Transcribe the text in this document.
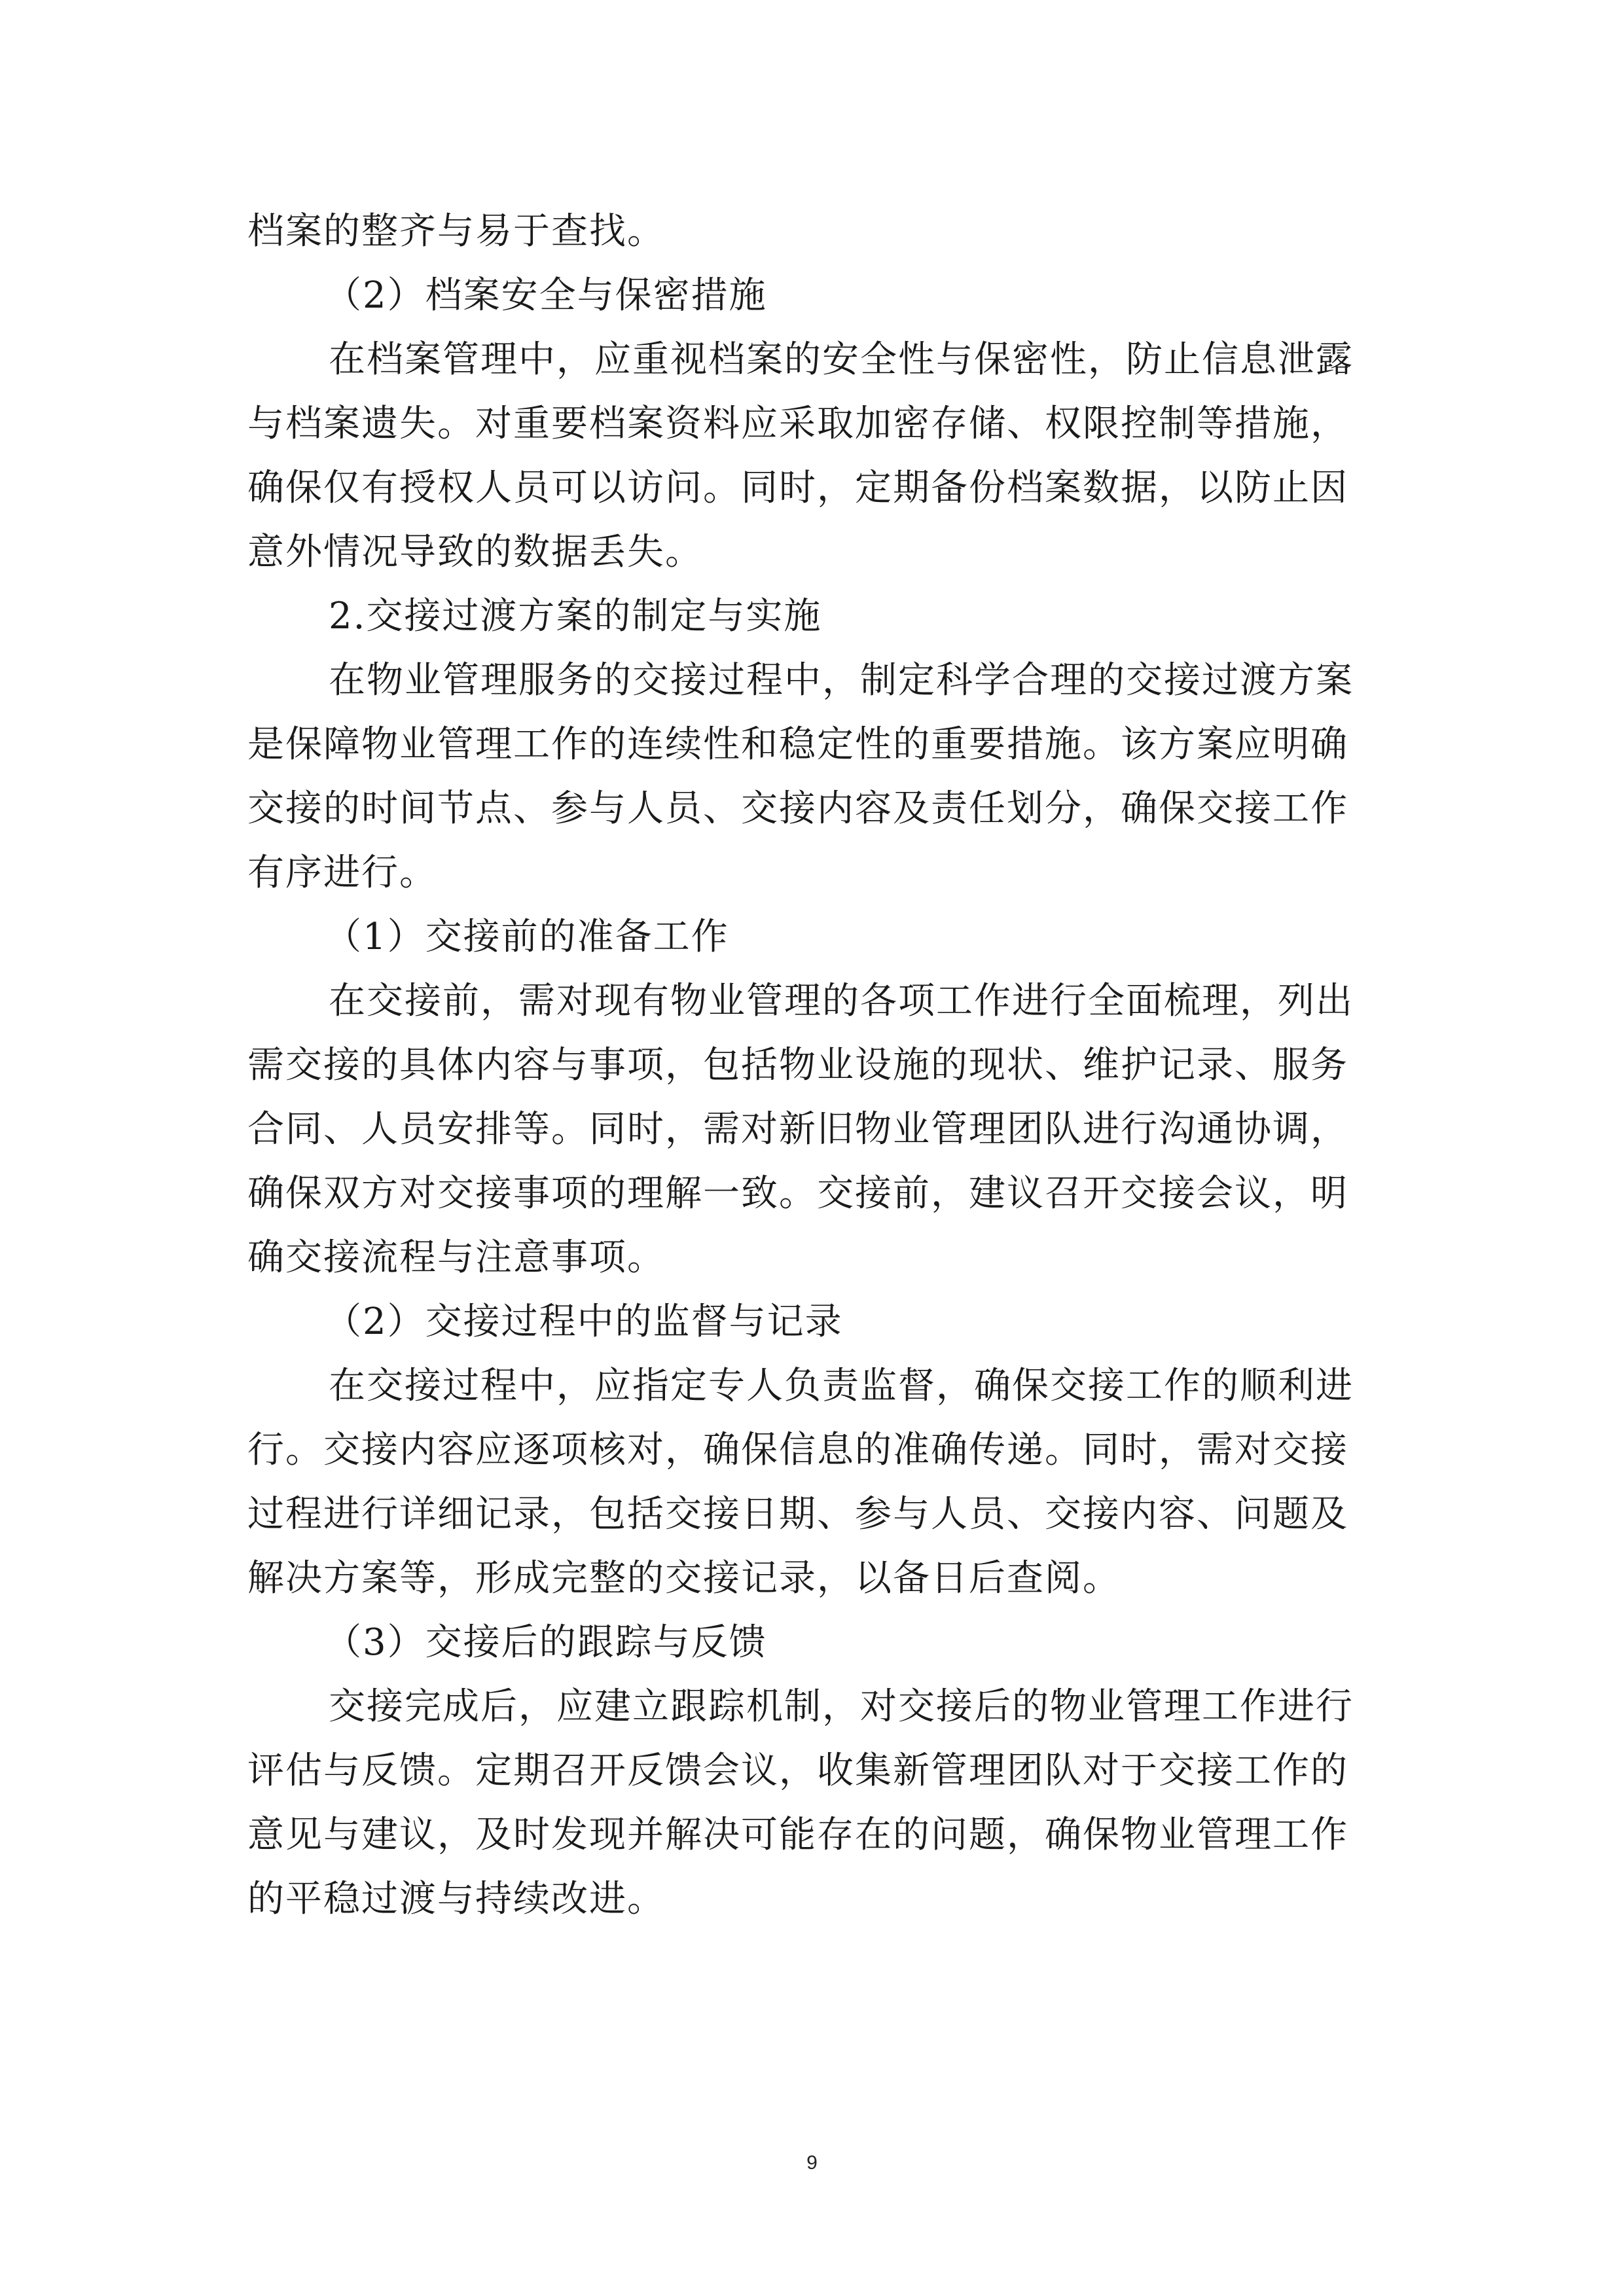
档案的整齐与易于查找。
（2）档案安全与保密措施
在档案管理中，应重视档案的安全性与保密性，防止信息泄露
与档案遗失。对重要档案资料应采取加密存储、权限控制等措施，
确保仅有授权人员可以访问。同时，定期备份档案数据，以防止因
意外情况导致的数据丢失。
2.交接过渡方案的制定与实施
在物业管理服务的交接过程中，制定科学合理的交接过渡方案
是保障物业管理工作的连续性和稳定性的重要措施。该方案应明确
交接的时间节点、参与人员、交接内容及责任划分，确保交接工作
有序进行。
（1）交接前的准备工作
在交接前，需对现有物业管理的各项工作进行全面梳理，列出
需交接的具体内容与事项，包括物业设施的现状、维护记录、服务
合同、人员安排等。同时，需对新旧物业管理团队进行沟通协调，
确保双方对交接事项的理解一致。交接前，建议召开交接会议，明
确交接流程与注意事项。
（2）交接过程中的监督与记录
在交接过程中，应指定专人负责监督，确保交接工作的顺利进
行。交接内容应逐项核对，确保信息的准确传递。同时，需对交接
过程进行详细记录，包括交接日期、参与人员、交接内容、问题及
解决方案等，形成完整的交接记录，以备日后查阅。
（3）交接后的跟踪与反馈
交接完成后，应建立跟踪机制，对交接后的物业管理工作进行
评估与反馈。定期召开反馈会议，收集新管理团队对于交接工作的
意见与建议，及时发现并解决可能存在的问题，确保物业管理工作
的平稳过渡与持续改进。
9
